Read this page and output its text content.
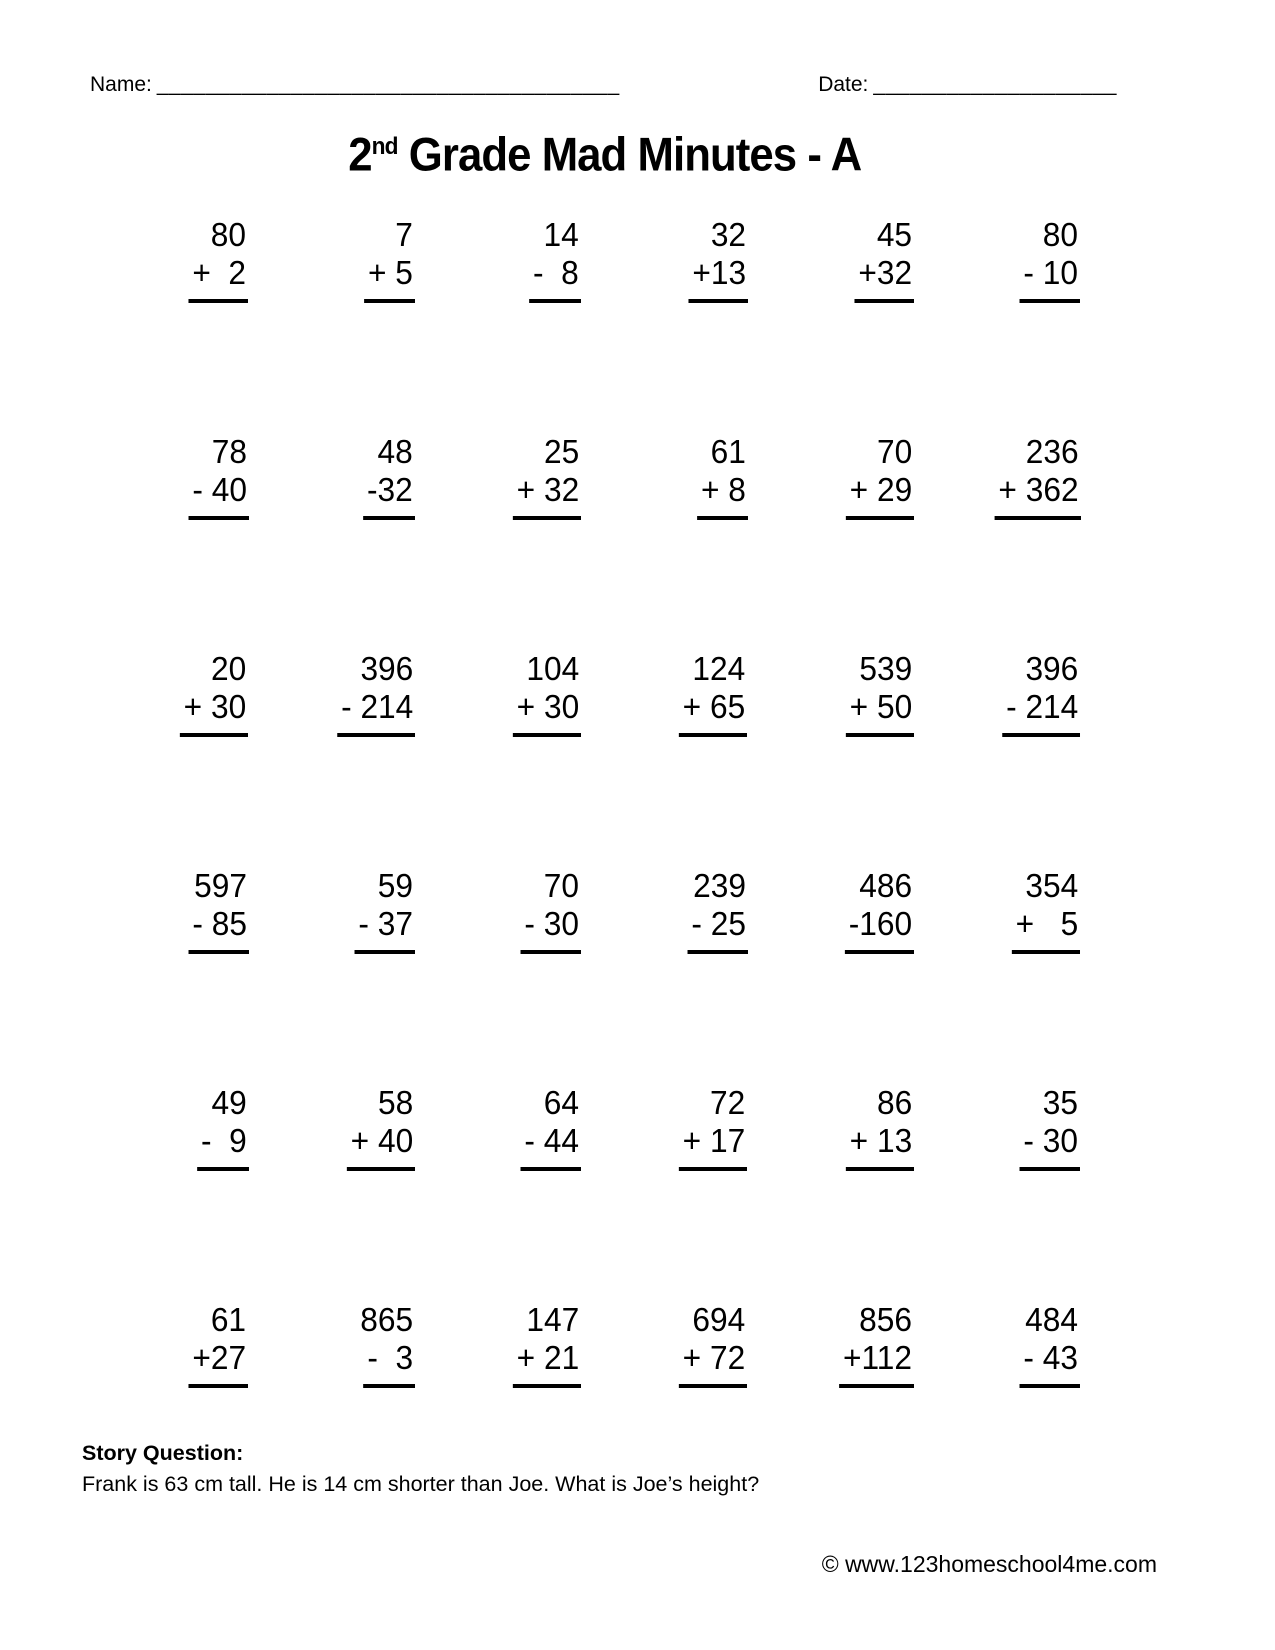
Name: ______________________________________	Date: ____________________
2nd Grade Mad Minutes - A
80
+  2
7
+ 5
14
-  8
32
+13
45
+32
80
- 10
78
- 40
48
-32
25
+ 32
61
+ 8
70
+ 29
236
+ 362
20
+ 30
396
- 214
104
+ 30
124
+ 65
539
+ 50
396
- 214
597
- 85
59
- 37
70
- 30
239
- 25
486
-160
354
+   5
49
-  9
58
+ 40
64
- 44
72
+ 17
86
+ 13
35
- 30
61
+27
865
-  3
147
+ 21
694
+ 72
856
+112
484
- 43
Story Question:
Frank is 63 cm tall. He is 14 cm shorter than Joe. What is Joe’s height?
© www.123homeschool4me.com
